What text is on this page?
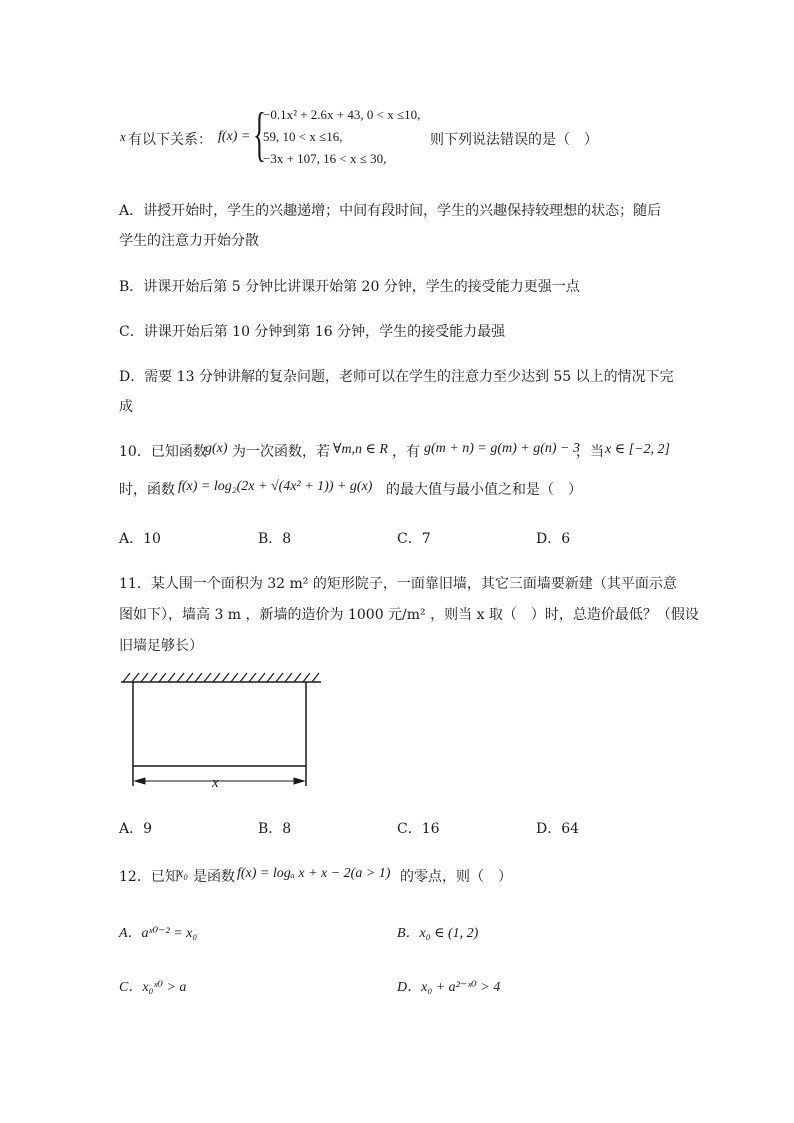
x 有以下关系： f(x) = {
−0.1x² + 2.6x + 43, 0 < x ≤10,
59, 10 < x ≤16,
−3x + 107, 16 < x ≤ 30,
则下列说法错误的是（　）
A．讲授开始时，学生的兴趣递增；中间有段时间，学生的兴趣保持较理想的状态；随后
学生的注意力开始分散
B．讲课开始后第 5 分钟比讲课开始第 20 分钟，学生的接受能力更强一点
C．讲课开始后第 10 分钟到第 16 分钟，学生的接受能力最强
D．需要 13 分钟讲解的复杂问题，老师可以在学生的注意力至少达到 55 以上的情况下完
成
10．已知函数
g(x) 为一次函数，若 ∀m,n ∈ R ，有 g(m + n) = g(m) + g(n) − 3
，当 x ∈ [−2, 2]
时，函数 f(x) = log₂(2x + √(4x² + 1)) + g(x) 的最大值与最小值之和是（　）
A．10	B．8	C．7	D．6
11．某人围一个面积为 32 m² 的矩形院子，一面靠旧墙，其它三面墙要新建（其平面示意
图如下），墙高 3 m ，新墙的造价为 1000 元/m² ，则当 x 取（　）时，总造价最低？（假设
旧墙足够长）
x
A．9	B．8	C．16	D．64
12．已知
x₀ 是函数 f(x) = logₐ x + x − 2(a > 1) 的零点，则（　）
A．aˣ⁰⁻² = x₀	B．x₀ ∈ (1, 2)
C．x₀ˣ⁰ > a	D．x₀ + a²⁻ˣ⁰ > 4
